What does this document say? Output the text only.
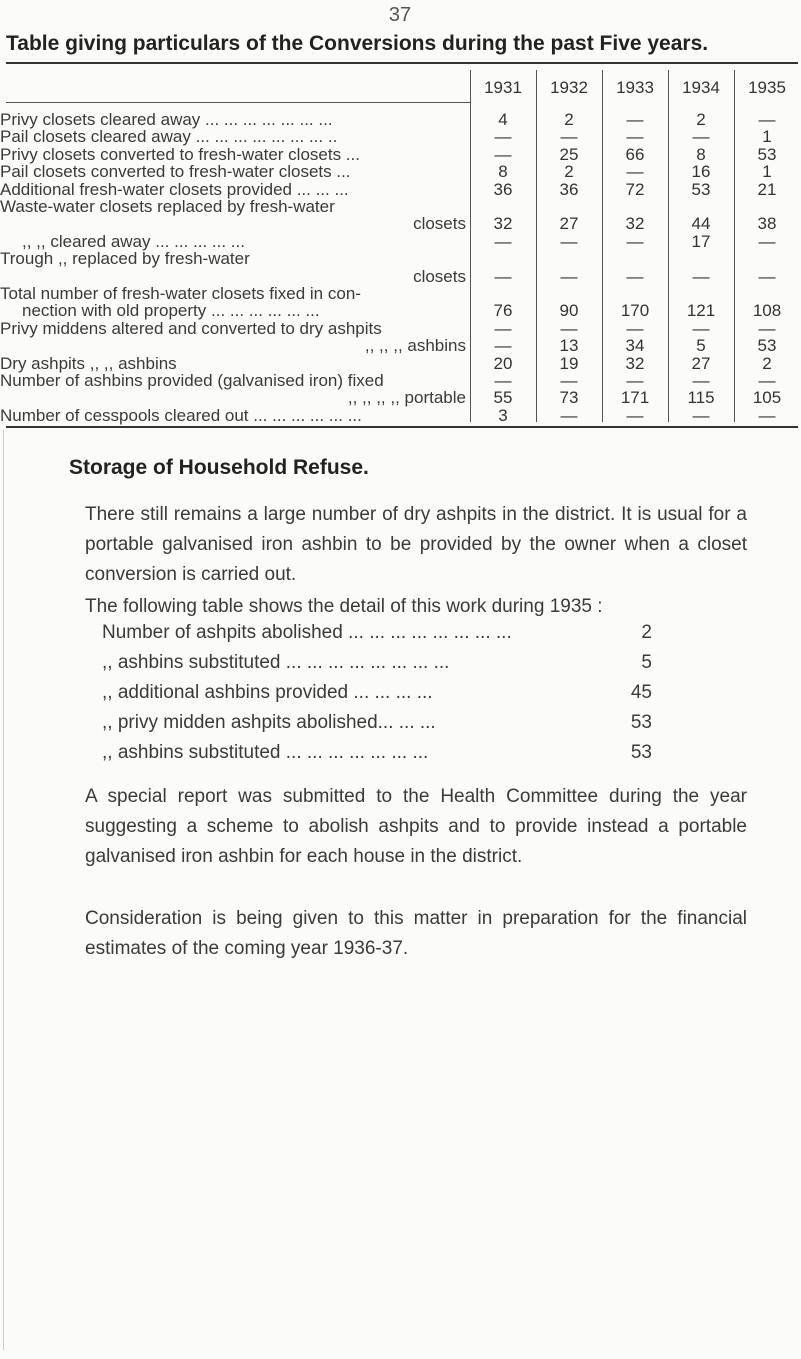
37
Table giving particulars of the Conversions during the past Five years.
1931	1932	1933	1934	1935
Privy closets cleared away ... ... ... ... ... ... ...	4	2	—	2	—
Pail closets cleared away ... ... ... ... ... ... ... ..	—	—	—	—	1
Privy closets converted to fresh-water closets ...	—	25	66	8	53
Pail closets converted to fresh-water closets ...	8	2	—	16	1
Additional fresh-water closets provided ... ... ...	36	36	72	53	21
Waste-water closets replaced by fresh-water
closets	32	27	32	44	38
,, ,, cleared away ... ... ... ... ...	—	—	—	17	—
Trough ,, replaced by fresh-water
closets	—	—	—	—	—
Total number of fresh-water closets fixed in con-
nection with old property ... ... ... ... ... ...	76	90	170	121	108
Privy middens altered and converted to dry ashpits	—	—	—	—	—
,, ,, ,, ashbins	—	13	34	5	53
Dry ashpits ,, ,, ashbins	20	19	32	27	2
Number of ashbins provided (galvanised iron) fixed	—	—	—	—	—
,, ,, ,, ,, portable	55	73	171	115	105
Number of cesspools cleared out ... ... ... ... ... ...	3	—	—	—	—
Storage of Household Refuse.
There still remains a large number of dry ashpits in the district. It is usual for a portable galvanised iron ashbin to be provided by the owner when a closet conversion is carried out.
The following table shows the detail of this work during 1935 :
Number of ashpits abolished ... ... ... ... ... ... ... ...	2
,, ashbins substituted ... ... ... ... ... ... ... ...	5
,, additional ashbins provided ... ... ... ...	45
,, privy midden ashpits abolished... ... ...	53
,, ashbins substituted ... ... ... ... ... ... ...	53
A special report was submitted to the Health Committee during the year suggesting a scheme to abolish ashpits and to provide instead a portable galvanised iron ashbin for each house in the district.
Consideration is being given to this matter in preparation for the financial estimates of the coming year 1936-37.
